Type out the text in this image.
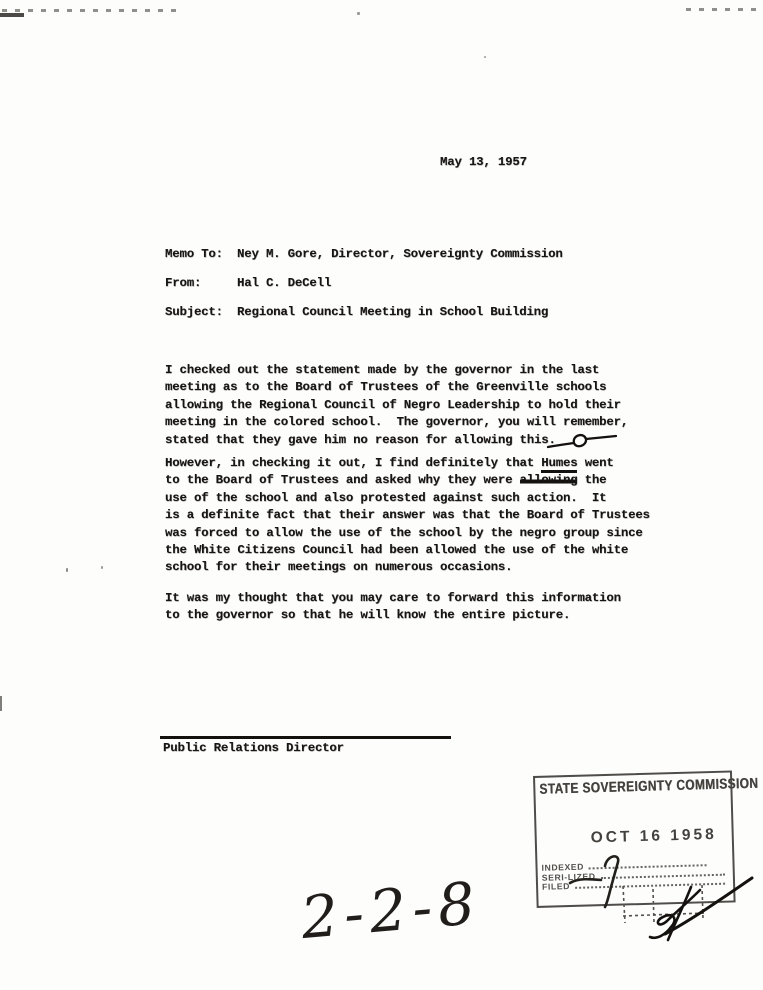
May 13, 1957
Memo To:	Ney M. Gore, Director, Sovereignty Commission
From:	Hal C. DeCell
Subject:	Regional Council Meeting in School Building
I checked out the statement made by the governor in the last
meeting as to the Board of Trustees of the Greenville schools
allowing the Regional Council of Negro Leadership to hold their
meeting in the colored school.  The governor, you will remember,
stated that they gave him no reason for allowing this.
However, in checking it out, I find definitely that Humes went
to the Board of Trustees and asked why they were allowing the
use of the school and also protested against such action.  It
is a definite fact that their answer was that the Board of Trustees
was forced to allow the use of the school by the negro group since
the White Citizens Council had been allowed the use of the white
school for their meetings on numerous occasions.
It was my thought that you may care to forward this information
to the governor so that he will know the entire picture.
Public Relations Director
STATE SOVEREIGNTY COMMISSION
OCT 16 1958
INDEXED
SERI-LIZED
FILED
2-2-8
